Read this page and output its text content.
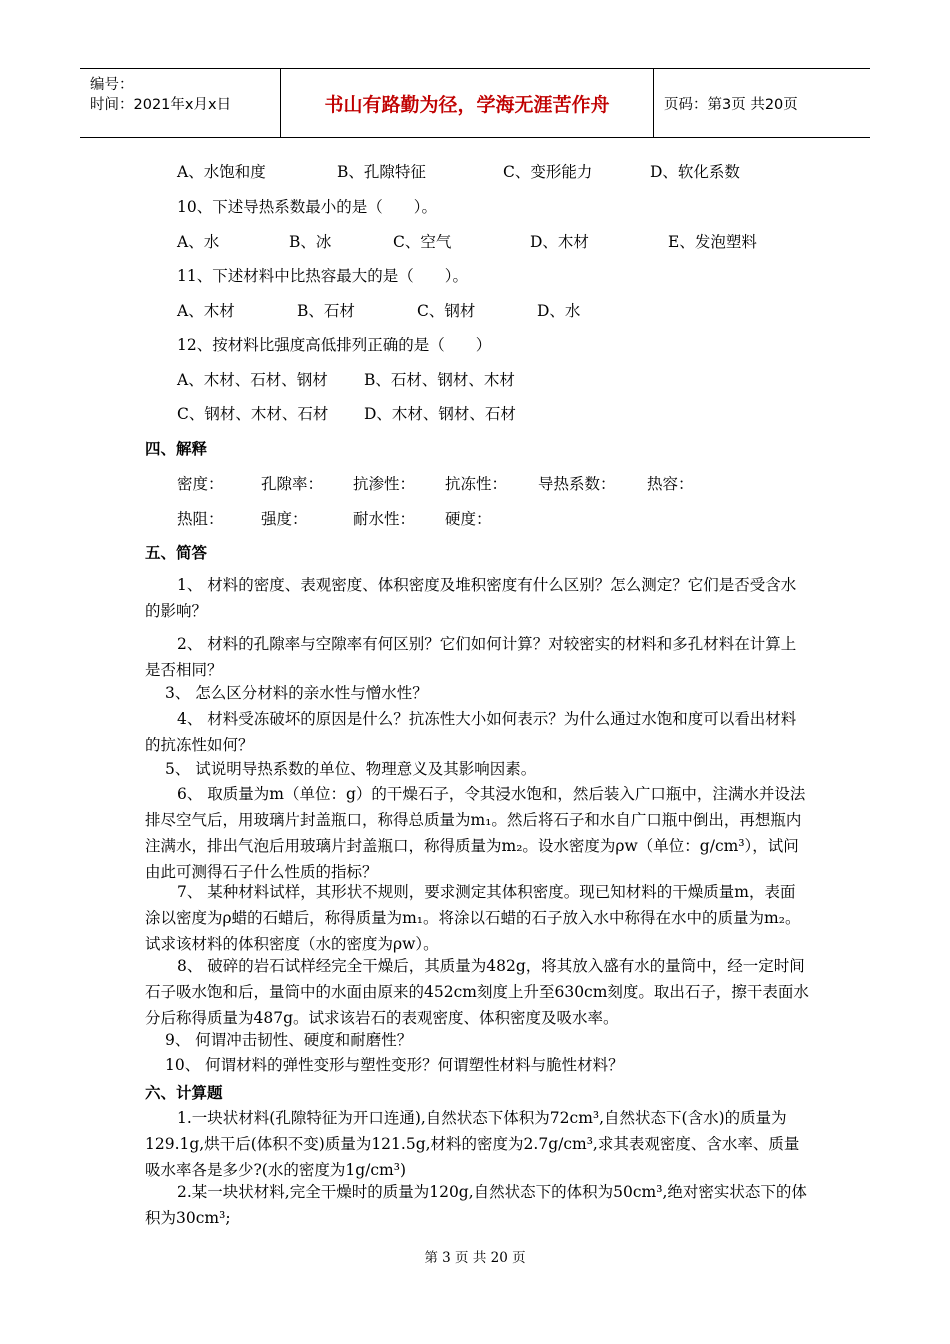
编号：
时间：2021年x月x日	书山有路勤为径，学海无涯苦作舟	页码：第3页 共20页
A、水饱和度	B、孔隙特征	C、变形能力	D、软化系数
10、下述导热系数最小的是（　　）。
A、水	B、冰	C、空气	D、木材	E、发泡塑料
11、下述材料中比热容最大的是（　　）。
A、木材	B、石材	C、钢材	D、水
12、按材料比强度高低排列正确的是（　　）
A、木材、石材、钢材	B、石材、钢材、木材
C、钢材、木材、石材	D、木材、钢材、石材
四、解释
密度：	孔隙率：	抗渗性：	抗冻性：	导热系数：	热容：
热阻：	强度：	耐水性：	硬度：
五、简答
1、 材料的密度、表观密度、体积密度及堆积密度有什么区别？怎么测定？它们是否受含水的影响？
2、 材料的孔隙率与空隙率有何区别？它们如何计算？对较密实的材料和多孔材料在计算上是否相同？
3、 怎么区分材料的亲水性与憎水性？
4、 材料受冻破坏的原因是什么？抗冻性大小如何表示？为什么通过水饱和度可以看出材料的抗冻性如何？
5、 试说明导热系数的单位、物理意义及其影响因素。
6、 取质量为m（单位：g）的干燥石子，令其浸水饱和，然后装入广口瓶中，注满水并设法排尽空气后，用玻璃片封盖瓶口，称得总质量为m₁。然后将石子和水自广口瓶中倒出，再想瓶内注满水，排出气泡后用玻璃片封盖瓶口，称得质量为m₂。设水密度为ρw（单位：g/cm³），试问由此可测得石子什么性质的指标？
7、 某种材料试样，其形状不规则，要求测定其体积密度。现已知材料的干燥质量m，表面涂以密度为ρ蜡的石蜡后，称得质量为m₁。将涂以石蜡的石子放入水中称得在水中的质量为m₂。试求该材料的体积密度（水的密度为ρw）。
8、 破碎的岩石试样经完全干燥后，其质量为482g，将其放入盛有水的量筒中，经一定时间石子吸水饱和后，量筒中的水面由原来的452cm刻度上升至630cm刻度。取出石子，擦干表面水分后称得质量为487g。试求该岩石的表观密度、体积密度及吸水率。
9、 何谓冲击韧性、硬度和耐磨性？
10、 何谓材料的弹性变形与塑性变形？何谓塑性材料与脆性材料？
六、计算题
1.一块状材料(孔隙特征为开口连通),自然状态下体积为72cm³,自然状态下(含水)的质量为129.1g,烘干后(体积不变)质量为121.5g,材料的密度为2.7g/cm³,求其表观密度、含水率、质量吸水率各是多少?(水的密度为1g/cm³)
2.某一块状材料,完全干燥时的质量为120g,自然状态下的体积为50cm³,绝对密实状态下的体积为30cm³;
第 3 页 共 20 页
